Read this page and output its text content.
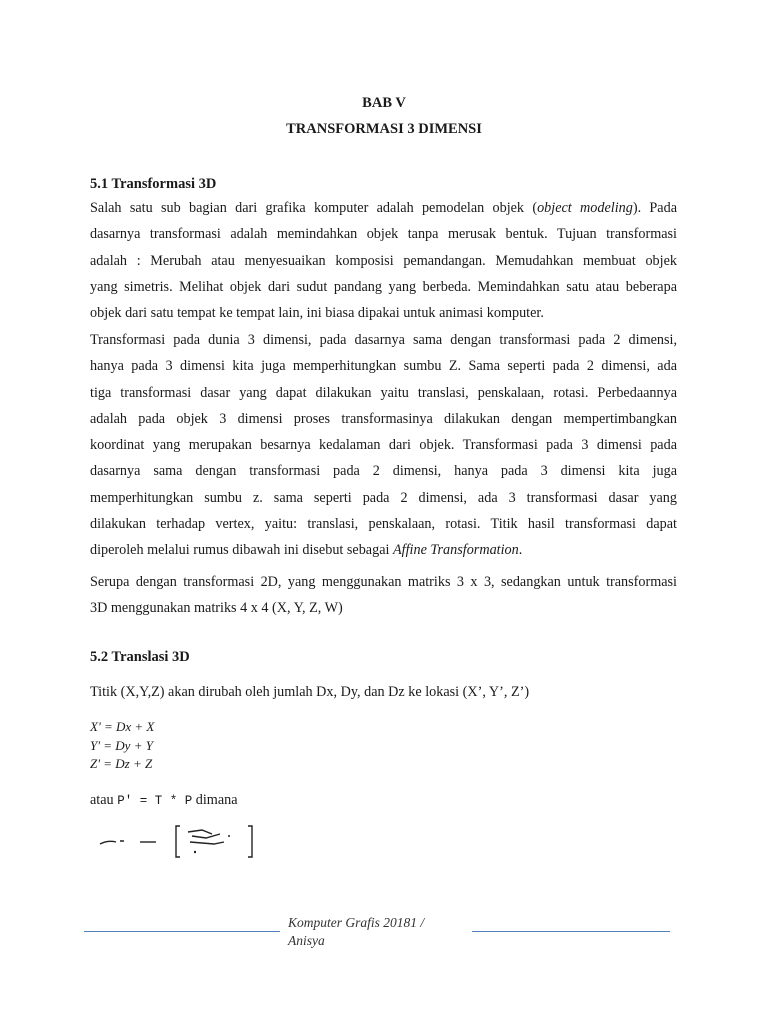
BAB V
TRANSFORMASI 3 DIMENSI
5.1 Transformasi 3D
Salah satu sub bagian dari grafika komputer adalah pemodelan objek (object modeling). Pada
dasarnya transformasi adalah memindahkan objek tanpa merusak bentuk. Tujuan transformasi
adalah : Merubah atau menyesuaikan komposisi pemandangan. Memudahkan membuat objek
yang simetris. Melihat objek dari sudut pandang yang berbeda. Memindahkan satu atau beberapa
objek dari satu tempat ke tempat lain, ini biasa dipakai untuk animasi komputer.
Transformasi pada dunia 3 dimensi, pada dasarnya sama dengan transformasi pada 2 dimensi,
hanya pada 3 dimensi kita juga memperhitungkan sumbu Z. Sama seperti pada 2 dimensi, ada
tiga transformasi dasar yang dapat dilakukan yaitu translasi, penskalaan, rotasi. Perbedaannya
adalah pada objek 3 dimensi proses transformasinya dilakukan dengan mempertimbangkan
koordinat yang merupakan besarnya kedalaman dari objek. Transformasi pada 3 dimensi pada
dasarnya sama dengan transformasi pada 2 dimensi, hanya pada 3 dimensi kita juga
memperhitungkan sumbu z. sama seperti pada 2 dimensi, ada 3 transformasi dasar yang
dilakukan terhadap vertex, yaitu: translasi, penskalaan, rotasi. Titik hasil transformasi dapat
diperoleh melalui rumus dibawah ini disebut sebagai Affine Transformation.
Serupa dengan transformasi 2D, yang menggunakan matriks 3 x 3, sedangkan untuk transformasi
3D menggunakan matriks 4 x 4 (X, Y, Z, W)
5.2 Translasi 3D
Titik (X,Y,Z) akan dirubah oleh jumlah Dx, Dy, dan Dz ke lokasi (X’, Y’, Z’)
X' = Dx + X
Y' = Dy + Y
Z' = Dz + Z
atau P' = T * P dimana
Komputer Grafis 20181 /
Anisya
